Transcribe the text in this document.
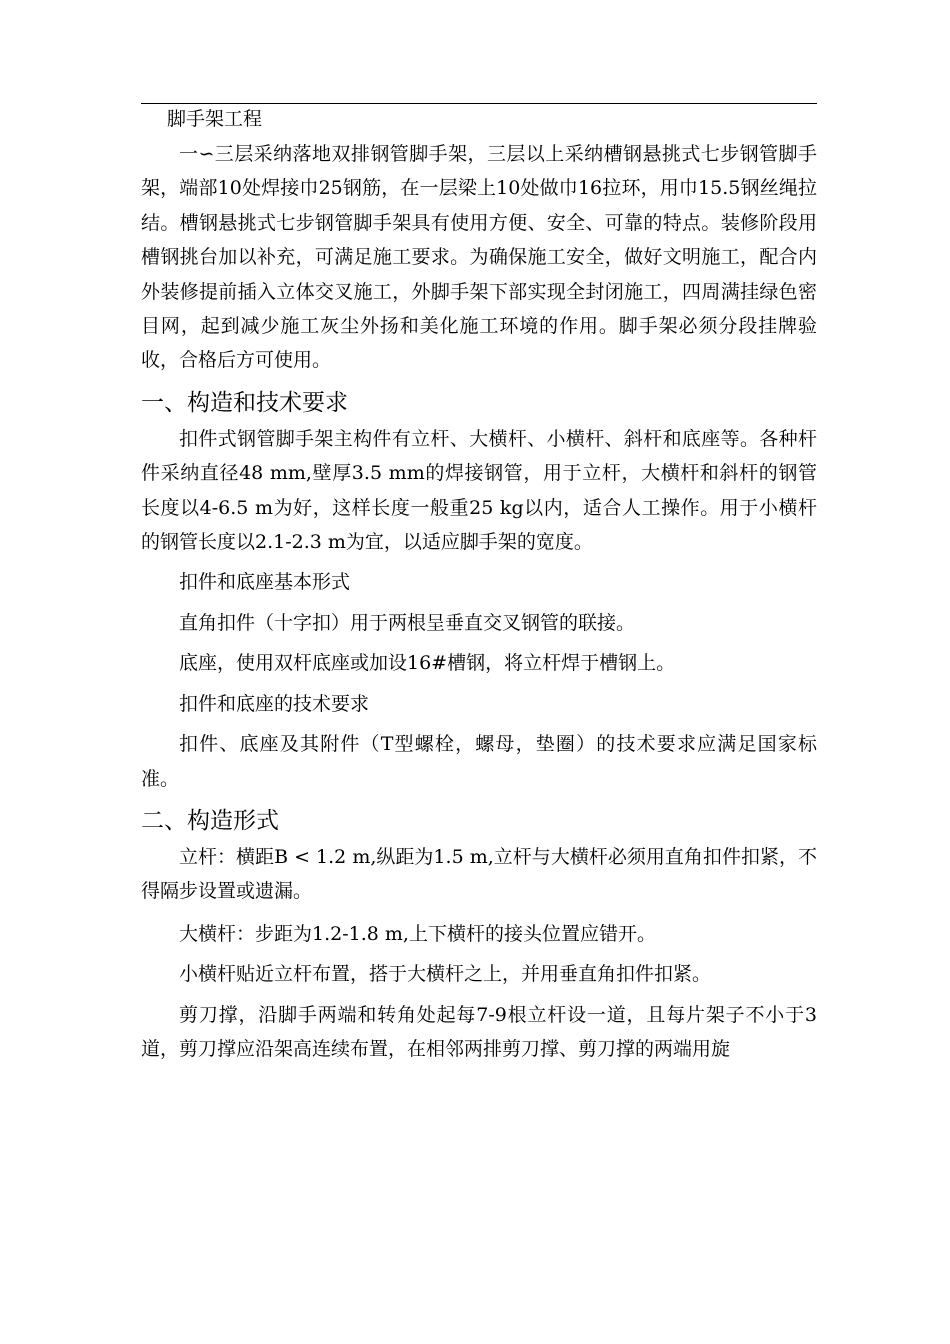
脚手架工程

一∽三层采纳落地双排钢管脚手架，三层以上采纳槽钢悬挑式七步钢管脚手架，端部10处焊接巾25钢筋，在一层梁上10处做巾16拉环，用巾15.5钢丝绳拉结。槽钢悬挑式七步钢管脚手架具有使用方便、安全、可靠的特点。装修阶段用槽钢挑台加以补充，可满足施工要求。为确保施工安全，做好文明施工，配合内外装修提前插入立体交叉施工，外脚手架下部实现全封闭施工，四周满挂绿色密目网，起到减少施工灰尘外扬和美化施工环境的作用。脚手架必须分段挂牌验收，合格后方可使用。

一、构造和技术要求

扣件式钢管脚手架主构件有立杆、大横杆、小横杆、斜杆和底座等。各种杆件采纳直径48 mm,壁厚3.5 mm的焊接钢管，用于立杆，大横杆和斜杆的钢管长度以4-6.5 m为好，这样长度一般重25 kg以内，适合人工操作。用于小横杆的钢管长度以2.1-2.3 m为宜，以适应脚手架的宽度。

扣件和底座基本形式

直角扣件（十字扣）用于两根呈垂直交叉钢管的联接。

底座，使用双杆底座或加设16#槽钢，将立杆焊于槽钢上。

扣件和底座的技术要求

扣件、底座及其附件（T型螺栓，螺母，垫圈）的技术要求应满足国家标准。

二、构造形式

立杆：横距B < 1.2 m,纵距为1.5 m,立杆与大横杆必须用直角扣件扣紧，不得隔步设置或遗漏。

大横杆：步距为1.2-1.8 m,上下横杆的接头位置应错开。

小横杆贴近立杆布置，搭于大横杆之上，并用垂直角扣件扣紧。

剪刀撑，沿脚手两端和转角处起每7-9根立杆设一道，且每片架子不小于3道，剪刀撑应沿架高连续布置，在相邻两排剪刀撑、剪刀撑的两端用旋
